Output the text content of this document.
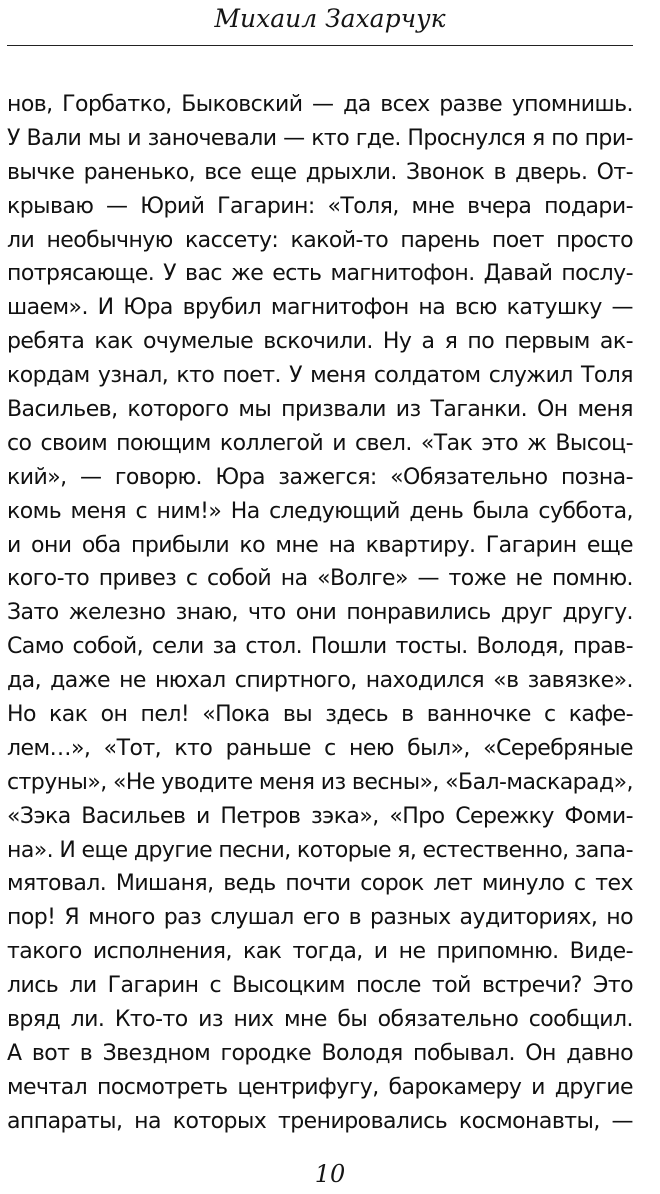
Михаил Захарчук
нов, Горбатко, Быковский — да всех разве упомнишь.
У Вали мы и заночевали — кто где. Проснулся я по при-
вычке раненько, все еще дрыхли. Звонок в дверь. От-
крываю — Юрий Гагарин: «Толя, мне вчера подари-
ли необычную кассету: какой-то парень поет просто
потрясающе. У вас же есть магнитофон. Давай послу-
шаем». И Юра врубил магнитофон на всю катушку —
ребята как очумелые вскочили. Ну а я по первым ак-
кордам узнал, кто поет. У меня солдатом служил Толя
Васильев, которого мы призвали из Таганки. Он меня
со своим поющим коллегой и свел. «Так это ж Высоц-
кий», — говорю. Юра зажегся: «Обязательно позна-
комь меня с ним!» На следующий день была суббота,
и они оба прибыли ко мне на квартиру. Гагарин еще
кого-то привез с собой на «Волге» — тоже не помню.
Зато железно знаю, что они понравились друг другу.
Само собой, сели за стол. Пошли тосты. Володя, прав-
да, даже не нюхал спиртного, находился «в завязке».
Но как он пел! «Пока вы здесь в ванночке с кафе-
лем…», «Тот, кто раньше с нею был», «Серебряные
струны», «Не уводите меня из весны», «Бал-маскарад»,
«Зэка Васильев и Петров зэка», «Про Сережку Фоми-
на». И еще другие песни, которые я, естественно, запа-
мятовал. Мишаня, ведь почти сорок лет минуло с тех
пор! Я много раз слушал его в разных аудиториях, но
такого исполнения, как тогда, и не припомню. Виде-
лись ли Гагарин с Высоцким после той встречи? Это
вряд ли. Кто-то из них мне бы обязательно сообщил.
А вот в Звездном городке Володя побывал. Он давно
мечтал посмотреть центрифугу, барокамеру и другие
аппараты, на которых тренировались космонавты, —
10
